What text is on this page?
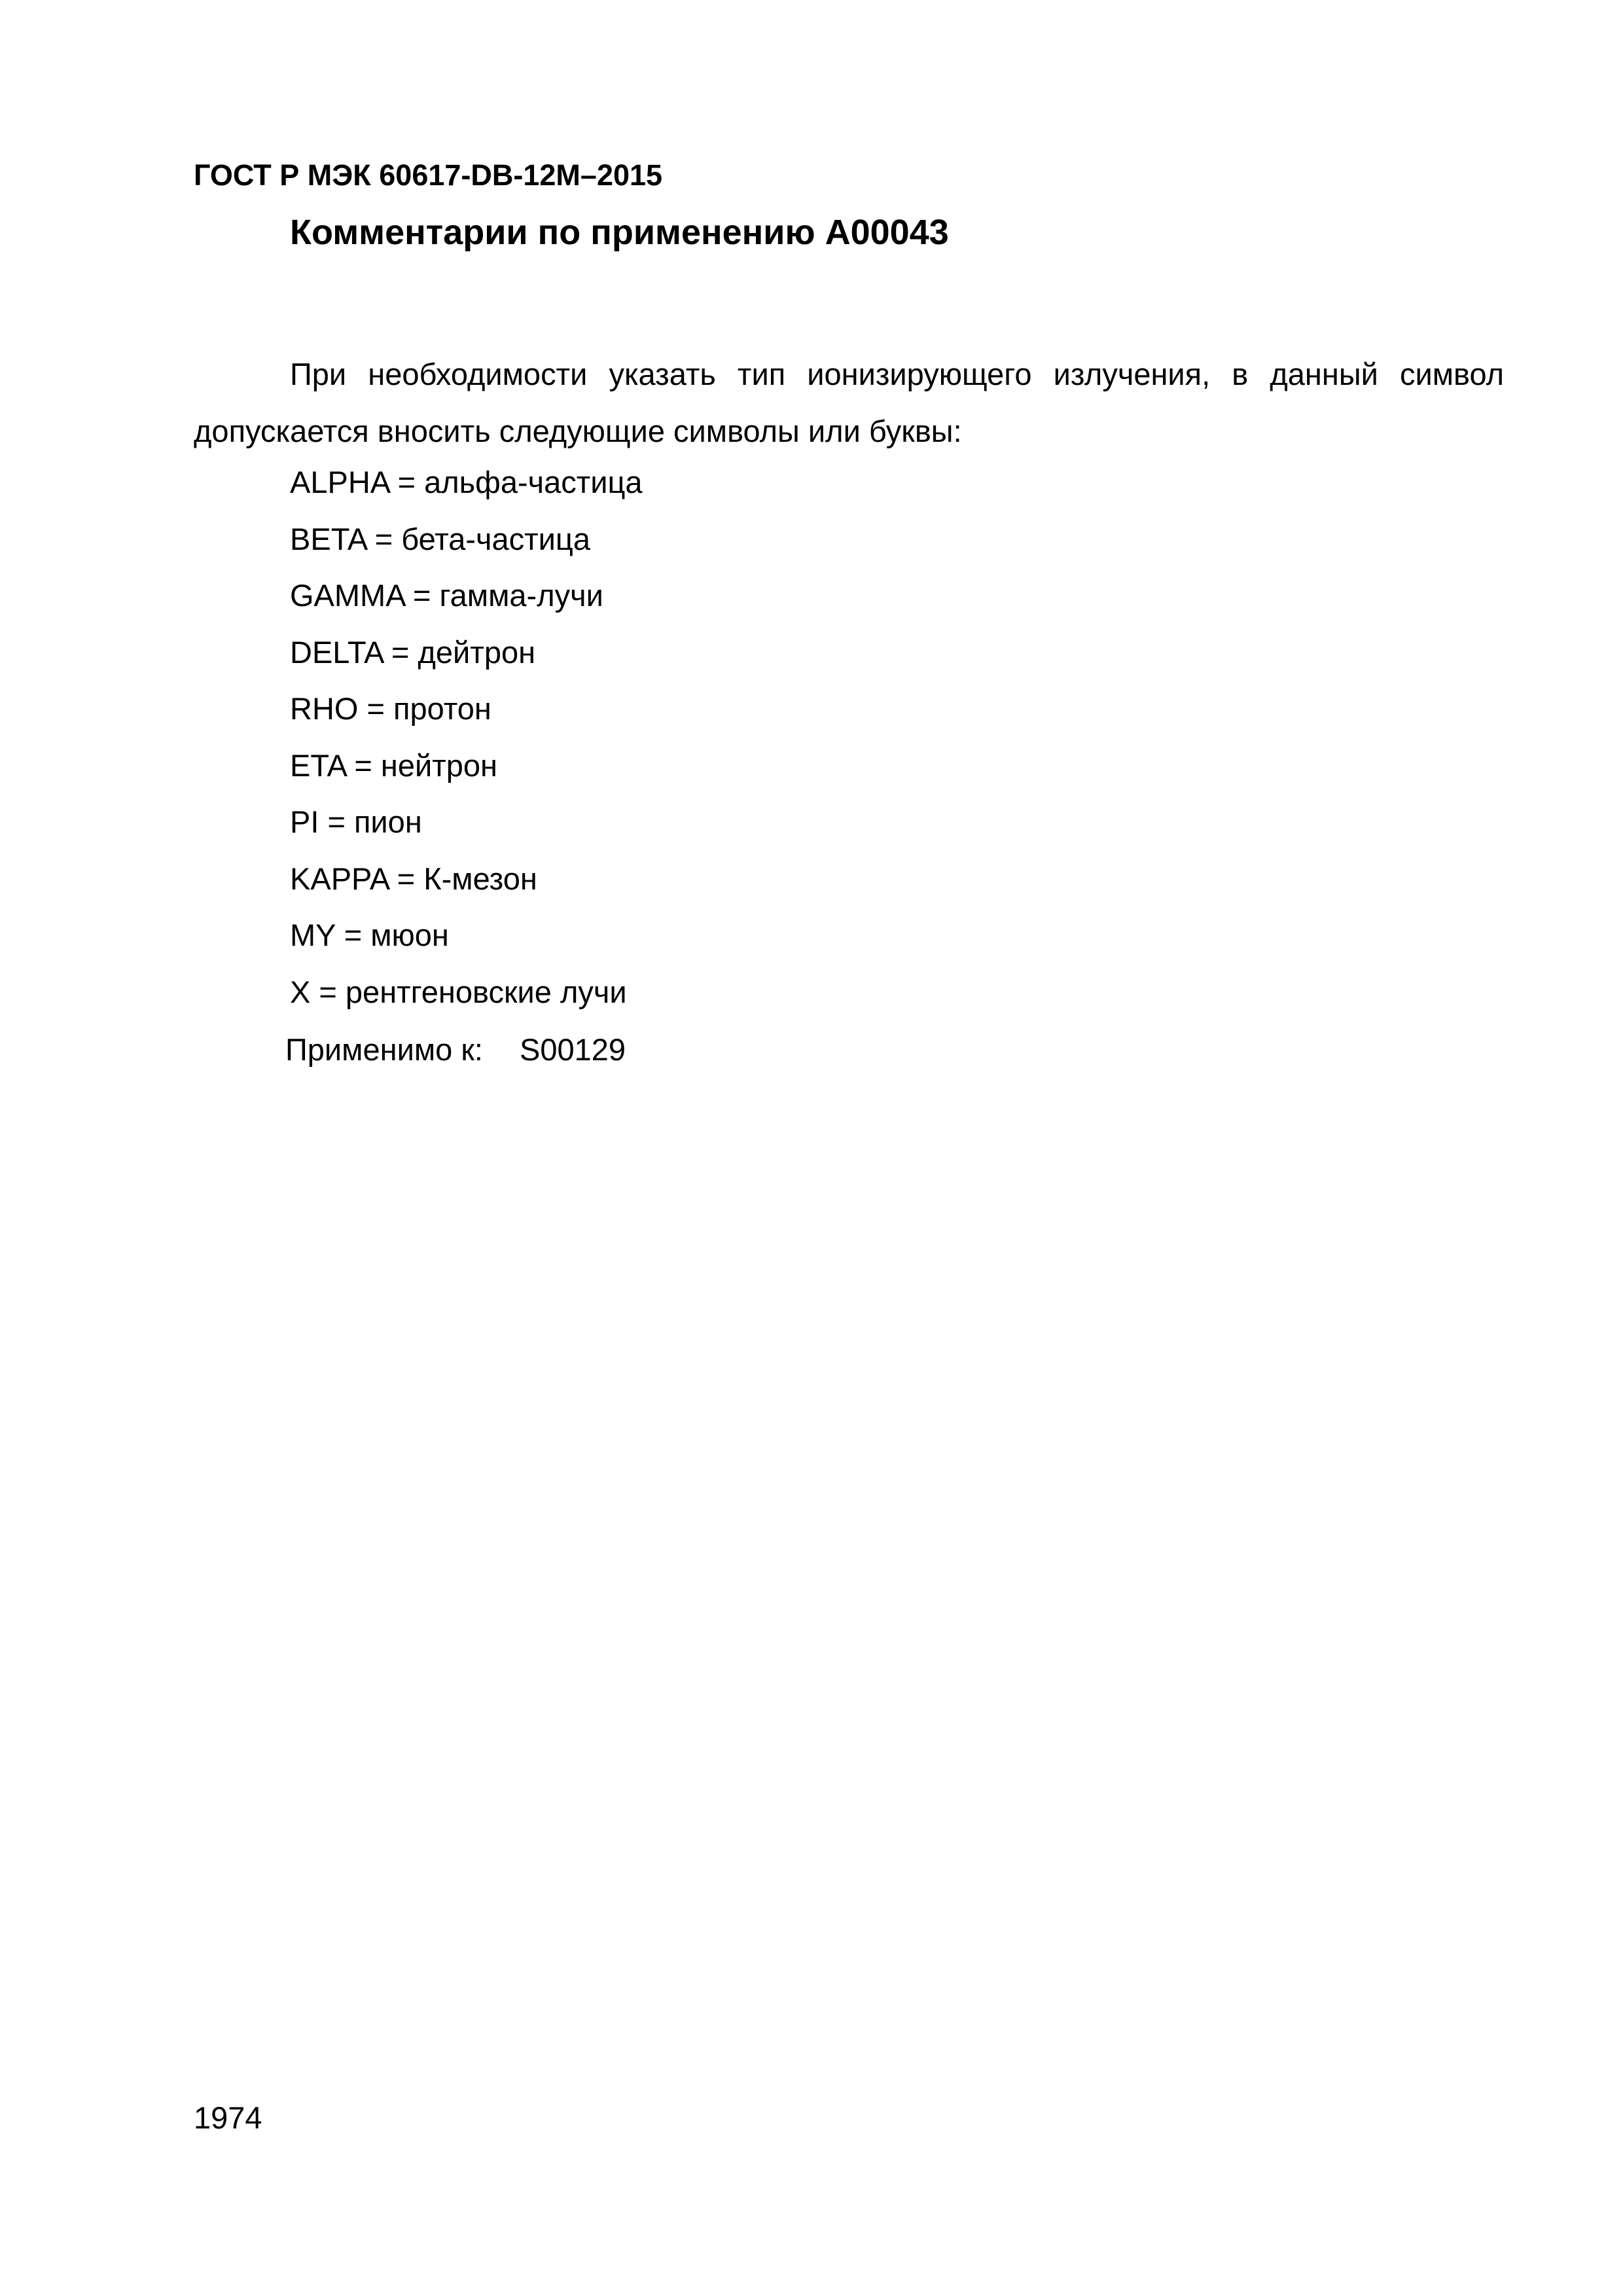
ГОСТ Р МЭК 60617-DB-12M–2015
Комментарии по применению A00043

При необходимости указать тип ионизирующего излучения, в данный символ допускается вносить следующие символы или буквы:

ALPHA = альфа-частица
BETA = бета-частица
GAMMA = гамма-лучи
DELTA = дейтрон
RHO = протон
ETA = нейтрон
PI = пион
KAPPA = К-мезон
MY = мюон
X = рентгеновские лучи
Применимо к: S00129
1974
